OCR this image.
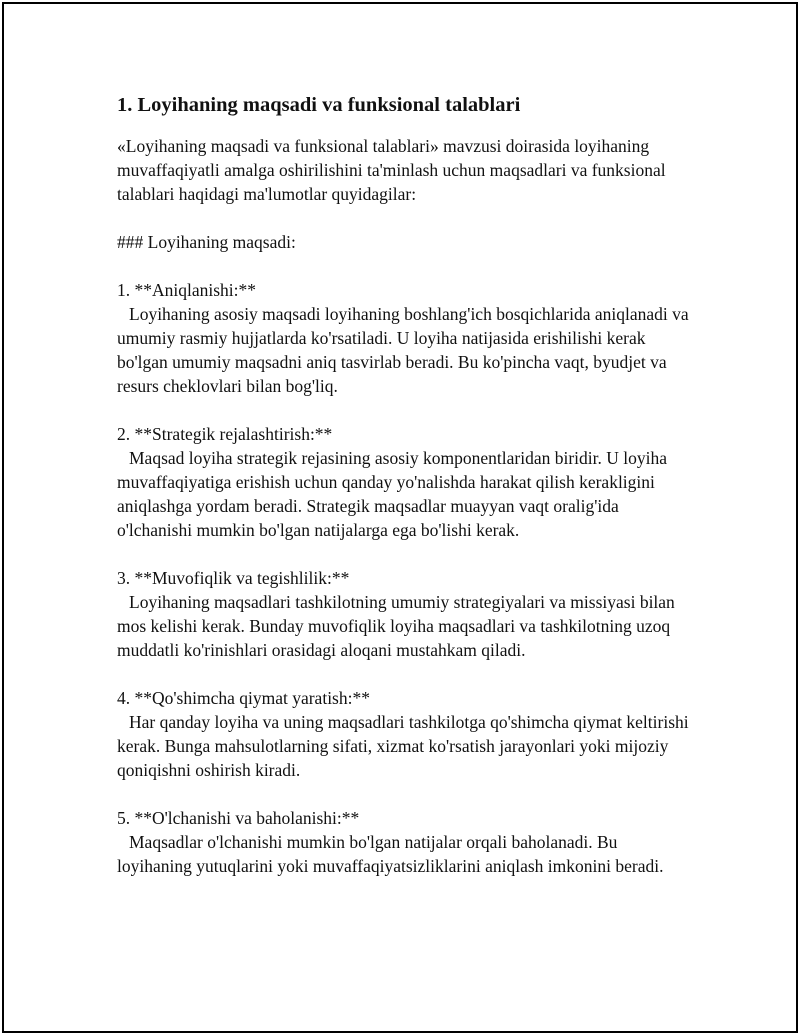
1. Loyihaning maqsadi va funksional talablari

«Loyihaning maqsadi va funksional talablari» mavzusi doirasida loyihaning muvaffaqiyatli amalga oshirilishini ta'minlash uchun maqsadlari va funksional talablari haqidagi ma'lumotlar quyidagilar:

### Loyihaning maqsadi:

1. **Aniqlanishi:**

Loyihaning asosiy maqsadi loyihaning boshlang'ich bosqichlarida aniqlanadi va umumiy rasmiy hujjatlarda ko'rsatiladi. U loyiha natijasida erishilishi kerak bo'lgan umumiy maqsadni aniq tasvirlab beradi. Bu ko'pincha vaqt, byudjet va resurs cheklovlari bilan bog'liq.

2. **Strategik rejalashtirish:**

Maqsad loyiha strategik rejasining asosiy komponentlaridan biridir. U loyiha muvaffaqiyatiga erishish uchun qanday yo'nalishda harakat qilish kerakligini aniqlashga yordam beradi. Strategik maqsadlar muayyan vaqt oralig'ida o'lchanishi mumkin bo'lgan natijalarga ega bo'lishi kerak.

3. **Muvofiqlik va tegishlilik:**

Loyihaning maqsadlari tashkilotning umumiy strategiyalari va missiyasi bilan mos kelishi kerak. Bunday muvofiqlik loyiha maqsadlari va tashkilotning uzoq muddatli ko'rinishlari orasidagi aloqani mustahkam qiladi.

4. **Qo'shimcha qiymat yaratish:**

Har qanday loyiha va uning maqsadlari tashkilotga qo'shimcha qiymat keltirishi kerak. Bunga mahsulotlarning sifati, xizmat ko'rsatish jarayonlari yoki mijoziy qoniqishni oshirish kiradi.

5. **O'lchanishi va baholanishi:**

Maqsadlar o'lchanishi mumkin bo'lgan natijalar orqali baholanadi. Bu loyihaning yutuqlarini yoki muvaffaqiyatsizliklarini aniqlash imkonini beradi.
